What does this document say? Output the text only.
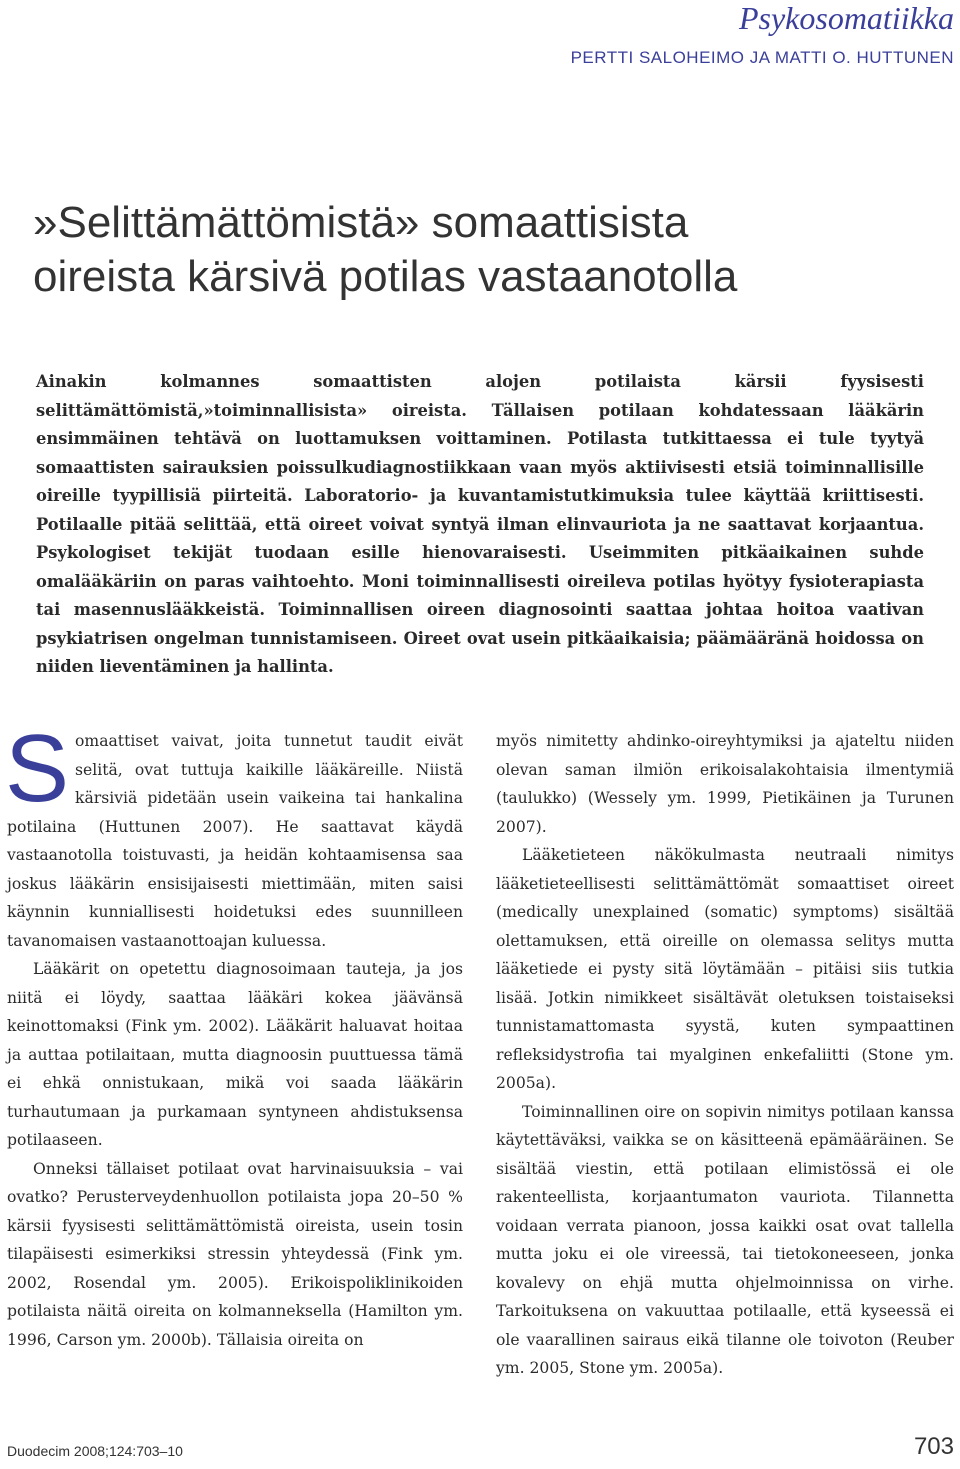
Psykosomatiikka
PERTTI SALOHEIMO JA MATTI O. HUTTUNEN
»Selittämättömistä» somaattisista
oireista kärsivä potilas vastaanotolla

Ainakin kolmannes somaattisten alojen potilaista kärsii fyysisesti selittämättömistä,»toiminnallisista» oireista. Tällaisen potilaan kohdatessaan lääkärin ensimmäinen tehtävä on luottamuksen voittaminen. Potilasta tutkittaessa ei tule tyytyä somaattisten sairauksien poissulkudiagnostiikkaan vaan myös aktiivisesti etsiä toiminnallisille oireille tyypillisiä piirteitä. Laboratorio- ja kuvantamistutkimuksia tulee käyttää kriittisesti. Potilaalle pitää selittää, että oireet voivat syntyä ilman elinvauriota ja ne saattavat korjaantua. Psykologiset tekijät tuodaan esille hienovaraisesti. Useimmiten pitkäaikainen suhde omalääkäriin on paras vaihtoehto. Moni toiminnallisesti oireileva potilas hyötyy fysioterapiasta tai masennuslääkkeistä. Toiminnallisen oireen diagnosointi saattaa johtaa hoitoa vaativan psykiatrisen ongelman tunnistamiseen. Oireet ovat usein pitkäaikaisia; päämääränä hoidossa on niiden lieventäminen ja hallinta.

Somaattiset vaivat, joita tunnetut taudit eivät selitä, ovat tuttuja kaikille lääkäreille. Niistä kärsiviä pidetään usein vaikeina tai hankalina potilaina (Huttunen 2007). He saattavat käydä vastaanotolla toistuvasti, ja heidän kohtaamisensa saa joskus lääkärin ensisijaisesti miettimään, miten saisi käynnin kunniallisesti hoidetuksi edes suunnilleen tavanomaisen vastaanottoajan kuluessa.

Lääkärit on opetettu diagnosoimaan tauteja, ja jos niitä ei löydy, saattaa lääkäri kokea jäävänsä keinottomaksi (Fink ym. 2002). Lääkärit haluavat hoitaa ja auttaa potilaitaan, mutta diagnoosin puuttuessa tämä ei ehkä onnistukaan, mikä voi saada lääkärin turhautumaan ja purkamaan syntyneen ahdistuksensa potilaaseen.

Onneksi tällaiset potilaat ovat harvinaisuuksia – vai ovatko? Perusterveydenhuollon potilaista jopa 20–50 % kärsii fyysisesti selittämättömistä oireista, usein tosin tilapäisesti esimerkiksi stressin yhteydessä (Fink ym. 2002, Rosendal ym. 2005). Erikoispoliklinikoiden potilaista näitä oireita on kolmanneksella (Hamilton ym. 1996, Carson ym. 2000b). Tällaisia oireita on

myös nimitetty ahdinko-oireyhtymiksi ja ajateltu niiden olevan saman ilmiön erikoisalakohtaisia ilmentymiä (taulukko) (Wessely ym. 1999, Pietikäinen ja Turunen 2007).

Lääketieteen näkökulmasta neutraali nimitys lääketieteellisesti selittämättömät somaattiset oireet (medically unexplained (somatic) symptoms) sisältää olettamuksen, että oireille on olemassa selitys mutta lääketiede ei pysty sitä löytämään – pitäisi siis tutkia lisää. Jotkin nimikkeet sisältävät oletuksen toistaiseksi tunnistamattomasta syystä, kuten sympaattinen refleksidystrofia tai myalginen enkefaliitti (Stone ym. 2005a).

Toiminnallinen oire on sopivin nimitys potilaan kanssa käytettäväksi, vaikka se on käsitteenä epämääräinen. Se sisältää viestin, että potilaan elimistössä ei ole rakenteellista, korjaantumaton vauriota. Tilannetta voidaan verrata pianoon, jossa kaikki osat ovat tallella mutta joku ei ole vireessä, tai tietokoneeseen, jonka kovalevy on ehjä mutta ohjelmoinnissa on virhe. Tarkoituksena on vakuuttaa potilaalle, että kyseessä ei ole vaarallinen sairaus eikä tilanne ole toivoton (Reuber ym. 2005, Stone ym. 2005a).

Duodecim 2008;124:703–10	703
